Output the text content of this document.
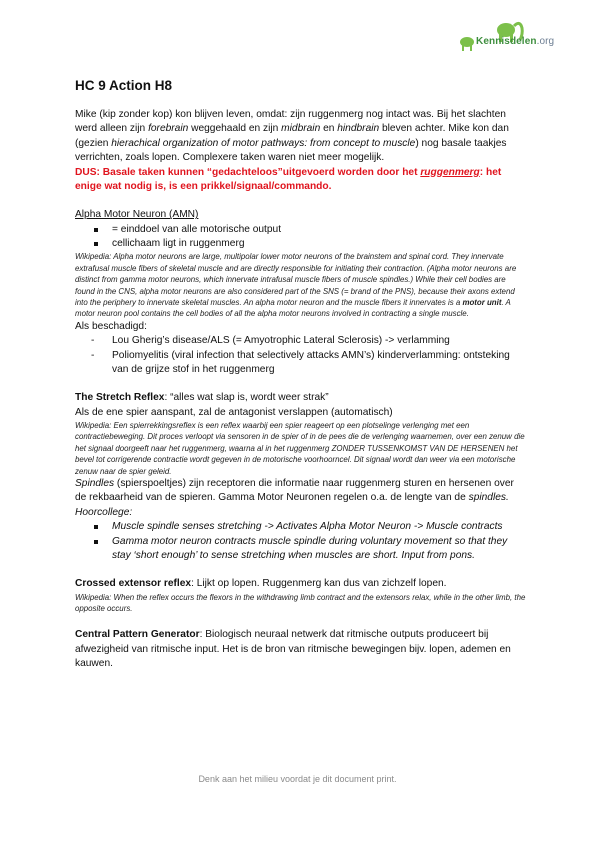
Kennisdelen.org
HC 9 Action H8

Mike (kip zonder kop) kon blijven leven, omdat: zijn ruggenmerg nog intact was. Bij het slachten werd alleen zijn forebrain weggehaald en zijn midbrain en hindbrain bleven achter. Mike kon dan (gezien hierachical organization of motor pathways: from concept to muscle) nog basale taakjes verrichten, zoals lopen. Complexere taken waren niet meer mogelijk.
DUS: Basale taken kunnen “gedachteloos”uitgevoerd worden door het ruggenmerg: het enige wat nodig is, is een prikkel/signaal/commando.

Alpha Motor Neuron (AMN)

= einddoel van alle motorische output
cellichaam ligt in ruggenmerg

Wikipedia: Alpha motor neurons are large, multipolar lower motor neurons of the brainstem and spinal cord. They innervate extrafusal muscle fibers of skeletal muscle and are directly responsible for initiating their contraction. (Alpha motor neurons are distinct from gamma motor neurons, which innervate intrafusal muscle fibers of muscle spindles.) While their cell bodies are found in the CNS, alpha motor neurons are also considered part of the SNS (= brand of the PNS), because their axons extend into the periphery to innervate skeletal muscles. An alpha motor neuron and the muscle fibers it innervates is a motor unit. A motor neuron pool contains the cell bodies of all the alpha motor neurons involved in contracting a single muscle.

Als beschadigd:

- Lou Gherig’s disease/ALS (= Amyotrophic Lateral Sclerosis) -> verlamming
- Poliomyelitis (viral infection that selectively attacks AMN’s) kinderverlamming: ontsteking van de grijze stof in het ruggenmerg

The Stretch Reflex: “alles wat slap is, wordt weer strak”

Als de ene spier aanspant, zal de antagonist verslappen (automatisch)

Wikipedia: Een spierrekkingsreflex is een reflex waarbij een spier reageert op een plotselinge verlenging met een contractiebeweging. Dit proces verloopt via sensoren in de spier of in de pees die de verlenging waarnemen, over een zenuw die het signaal doorgeeft naar het ruggenmerg, waarna al in het ruggenmerg ZONDER TUSSENKOMST VAN DE HERSENEN het bevel tot corrigerende contractie wordt gegeven in de motorische voorhoorncel. Dit signaal wordt dan weer via een motorische zenuw naar de spier geleid.

Spindles (spierspoeltjes) zijn receptoren die informatie naar ruggenmerg sturen en hersenen over de rekbaarheid van de spieren. Gamma Motor Neuronen regelen o.a. de lengte van de spindles.

Hoorcollege:

Muscle spindle senses stretching -> Activates Alpha Motor Neuron -> Muscle contracts
Gamma motor neuron contracts muscle spindle during voluntary movement so that they stay ‘short enough’ to sense stretching when muscles are short. Input from pons.

Crossed extensor reflex: Lijkt op lopen. Ruggenmerg kan dus van zichzelf lopen.

Wikipedia: When the reflex occurs the flexors in the withdrawing limb contract and the extensors relax, while in the other limb, the opposite occurs.

Central Pattern Generator: Biologisch neuraal netwerk dat ritmische outputs produceert bij afwezigheid van ritmische input. Het is de bron van ritmische bewegingen bijv. lopen, ademen en kauwen.

Denk aan het milieu voordat je dit document print.
